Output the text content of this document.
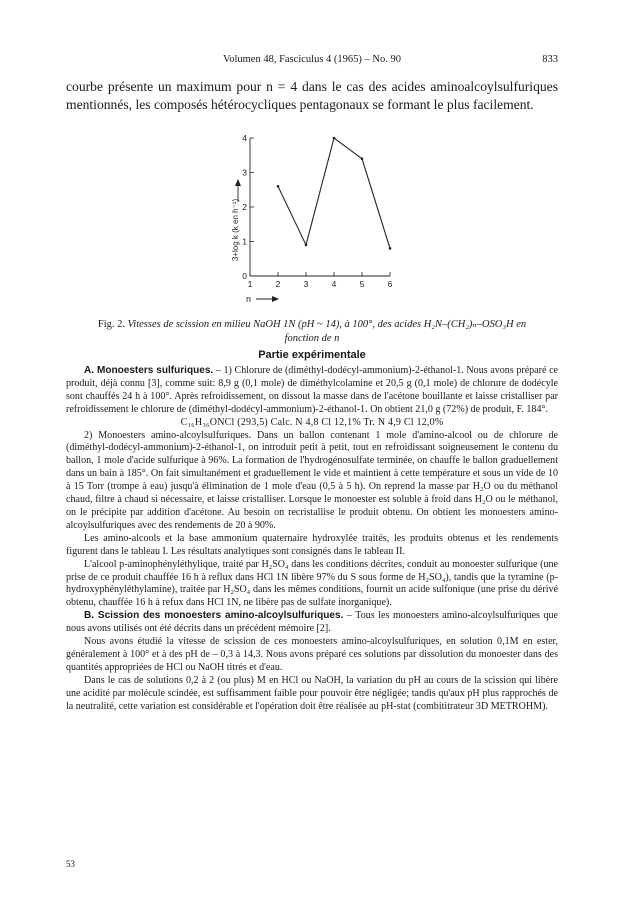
Volumen 48, Fasciculus 4 (1965) – No. 90	833
courbe présente un maximum pour n = 4 dans le cas des acides aminoalcoylsulfuriques mentionnés, les composés hétérocycliques pentagonaux se formant le plus facilement.
0
1
2
3
4
1	2	3	4	5	6
3+log k (k en h⁻¹)
n
Fig. 2. Vitesses de scission en milieu NaOH 1N (pH ~ 14), à 100°, des acides H₂N–(CH₂)ₙ–OSO₃H en fonction de n
Partie expérimentale

A. Monoesters sulfuriques. – 1) Chlorure de (diméthyl-dodécyl-ammonium)-2-éthanol-1. Nous avons préparé ce produit, déjà connu [3], comme suit: 8,9 g (0,1 mole) de diméthylcolamine et 20,5 g (0,1 mole) de chlorure de dodécyle sont chauffés 24 h à 100°. Après refroidissement, on dissout la masse dans de l'acétone bouillante et laisse cristalliser par refroidissement le chlorure de (diméthyl-dodécyl-ammonium)-2-éthanol-1. On obtient 21,0 g (72%) de produit, F. 184°.

C₁₆H₃₆ONCl (293,5) Calc. N 4,8 Cl 12,1% Tr. N 4,9 Cl 12,0%

2) Monoesters amino-alcoylsulfuriques. Dans un ballon contenant 1 mole d'amino-alcool ou de chlorure de (diméthyl-dodécyl-ammonium)-2-éthanol-1, on introduit petit à petit, tout en refroidissant soigneusement le contenu du ballon, 1 mole d'acide sulfurique à 96%. La formation de l'hydrogénosulfate terminée, on chauffe le ballon graduellement dans un bain à 185°. On fait simultanément et graduellement le vide et maintient à cette température et sous un vide de 10 à 15 Torr (trompe à eau) jusqu'à élimination de 1 mole d'eau (0,5 à 5 h). On reprend la masse par H₂O ou du méthanol chaud, filtre à chaud si nécessaire, et laisse cristalliser. Lorsque le monoester est soluble à froid dans H₂O ou le méthanol, on le précipite par addition d'acétone. Au besoin on recristallise le produit obtenu. On obtient les monoesters amino-alcoylsulfuriques avec des rendements de 20 à 90%.

Les amino-alcools et la base ammonium quaternaire hydroxylée traités, les produits obtenus et les rendements figurent dans le tableau I. Les résultats analytiques sont consignés dans le tableau II.

L'alcool p-aminophényléthylique, traité par H₂SO₄ dans les conditions décrites, conduit au monoester sulfurique (une prise de ce produit chauffée 16 h à reflux dans HCl 1N libère 97% du S sous forme de H₂SO₄), tandis que la tyramine (p-hydroxyphényléthylamine), traitée par H₂SO₄ dans les mêmes conditions, fournit un acide sulfonique (une prise du dérivé obtenu, chauffée 16 h à refux dans HCl 1N, ne libère pas de sulfate inorganique).

B. Scission des monoesters amino-alcoylsulfuriques. – Tous les monoesters amino-alcoylsulfuriques que nous avons utilisés ont été décrits dans un précédent mémoire [2].

Nous avons étudié la vitesse de scission de ces monoesters amino-alcoylsulfuriques, en solution 0,1M en ester, généralement à 100° et à des pH de – 0,3 à 14,3. Nous avons préparé ces solutions par dissolution du monoester dans des quantités appropriées de HCl ou NaOH titrés et d'eau.

Dans le cas de solutions 0,2 à 2 (ou plus) M en HCl ou NaOH, la variation du pH au cours de la scission qui libère une acidité par molécule scindée, est suffisamment faible pour pouvoir être négligée; tandis qu'aux pH plus rapprochés de la neutralité, cette variation est considérable et l'opération doit être réalisée au pH-stat (combititrateur 3D METROHM).

53
